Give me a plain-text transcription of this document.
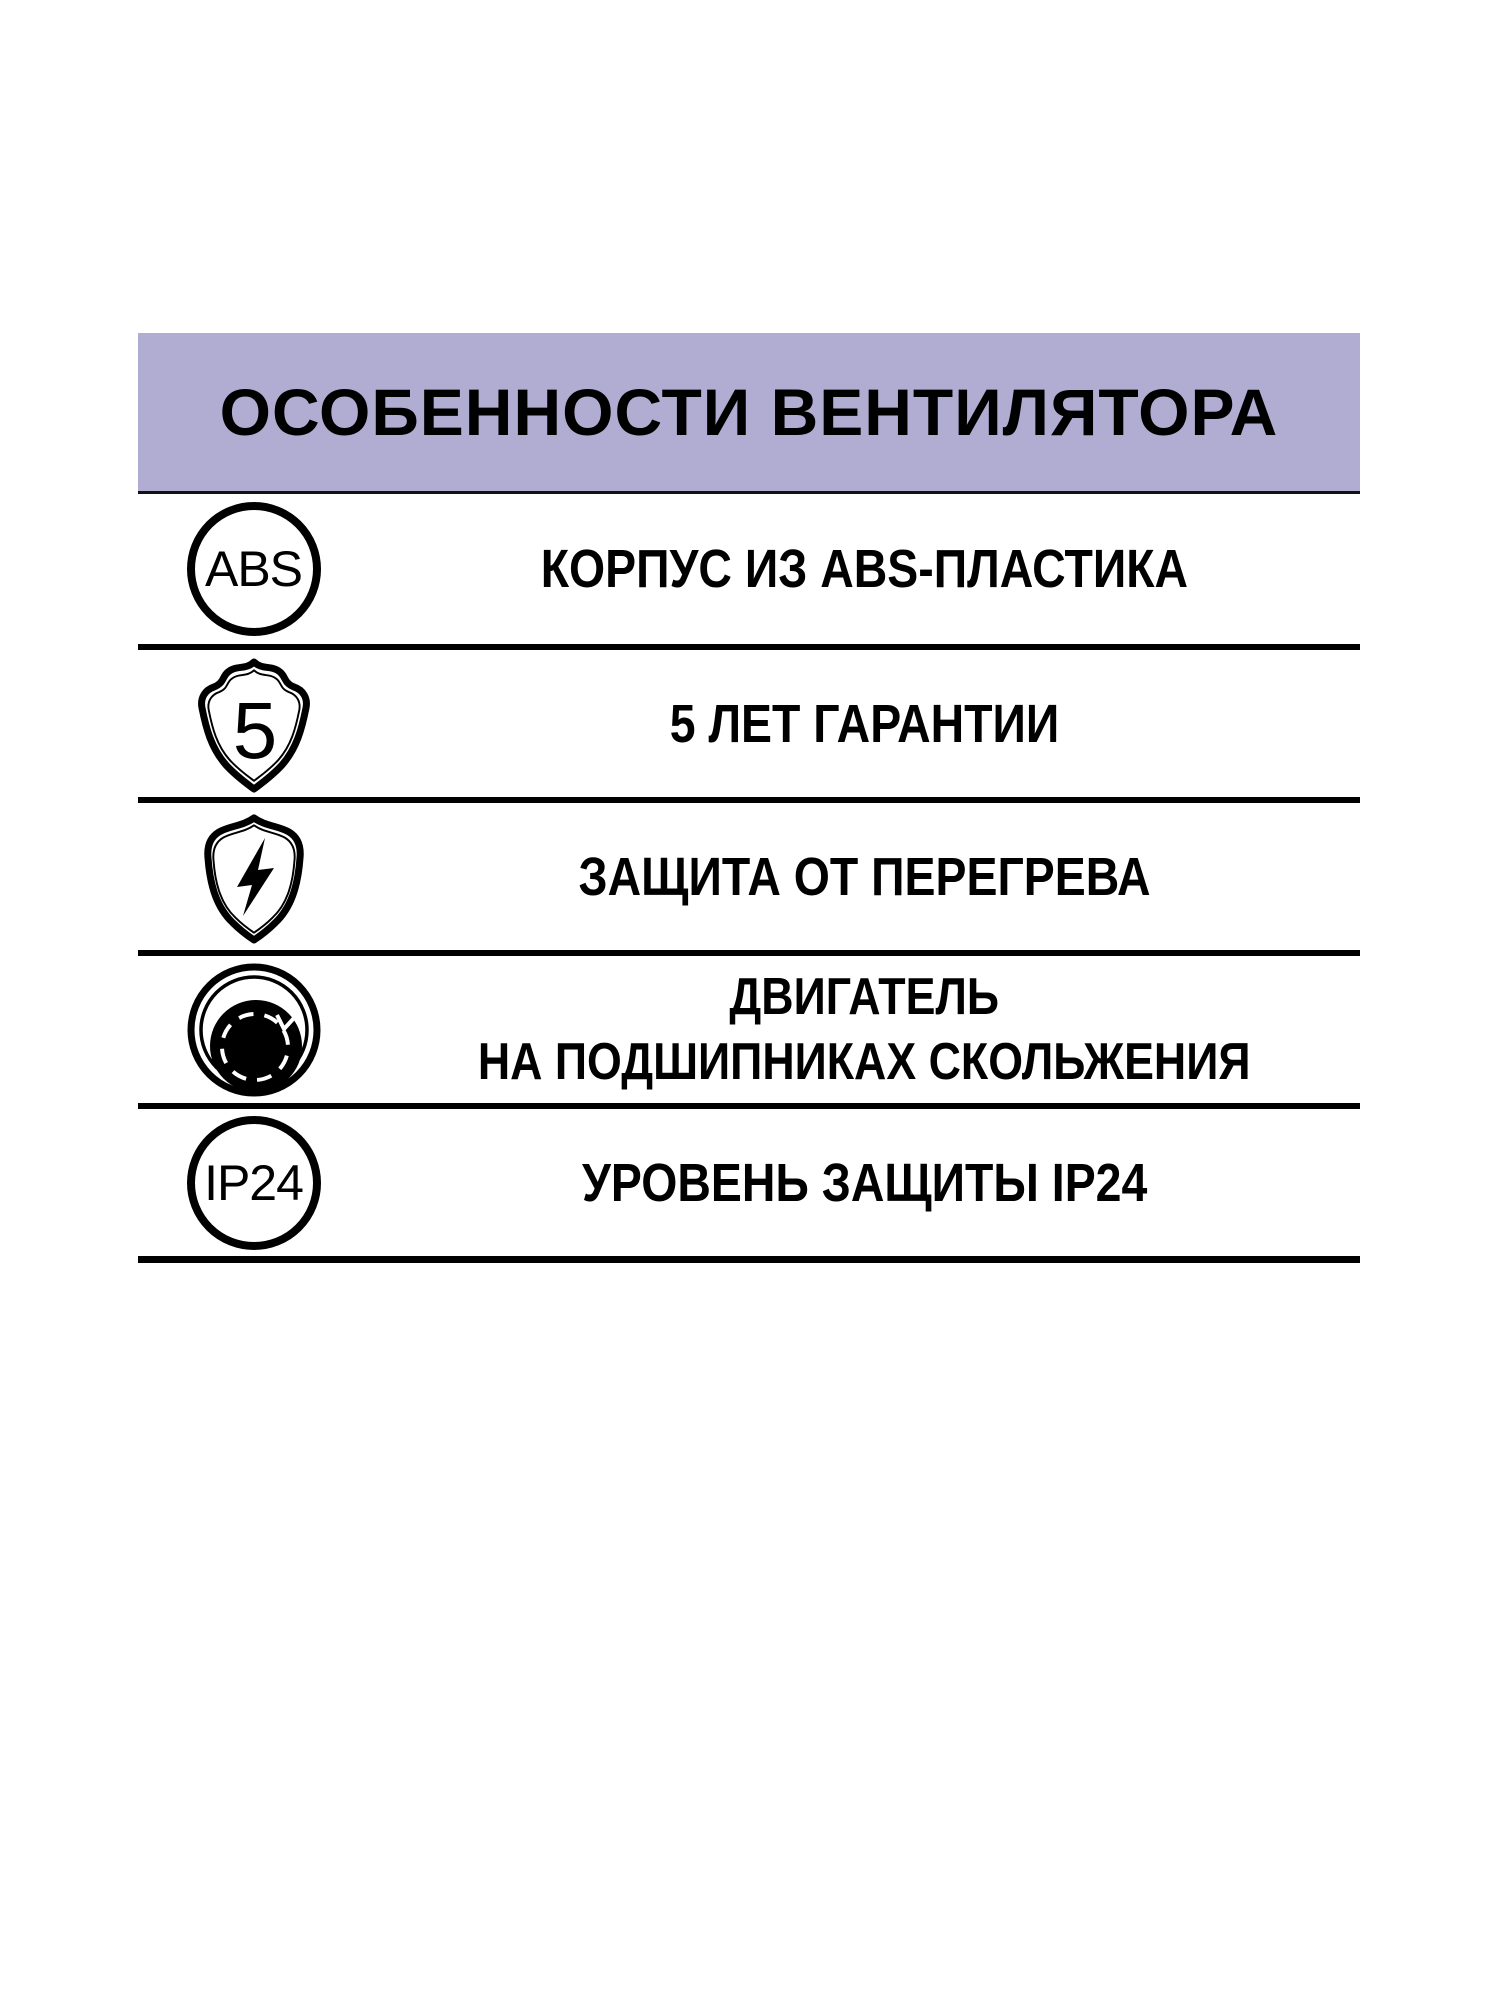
ОСОБЕННОСТИ ВЕНТИЛЯТОРА
ABS	КОРПУС ИЗ ABS-ПЛАСТИКА
5	5 ЛЕТ ГАРАНТИИ
ЗАЩИТА ОТ ПЕРЕГРЕВА
ДВИГАТЕЛЬ
НА ПОДШИПНИКАХ СКОЛЬЖЕНИЯ
IP24	УРОВЕНЬ ЗАЩИТЫ IP24
